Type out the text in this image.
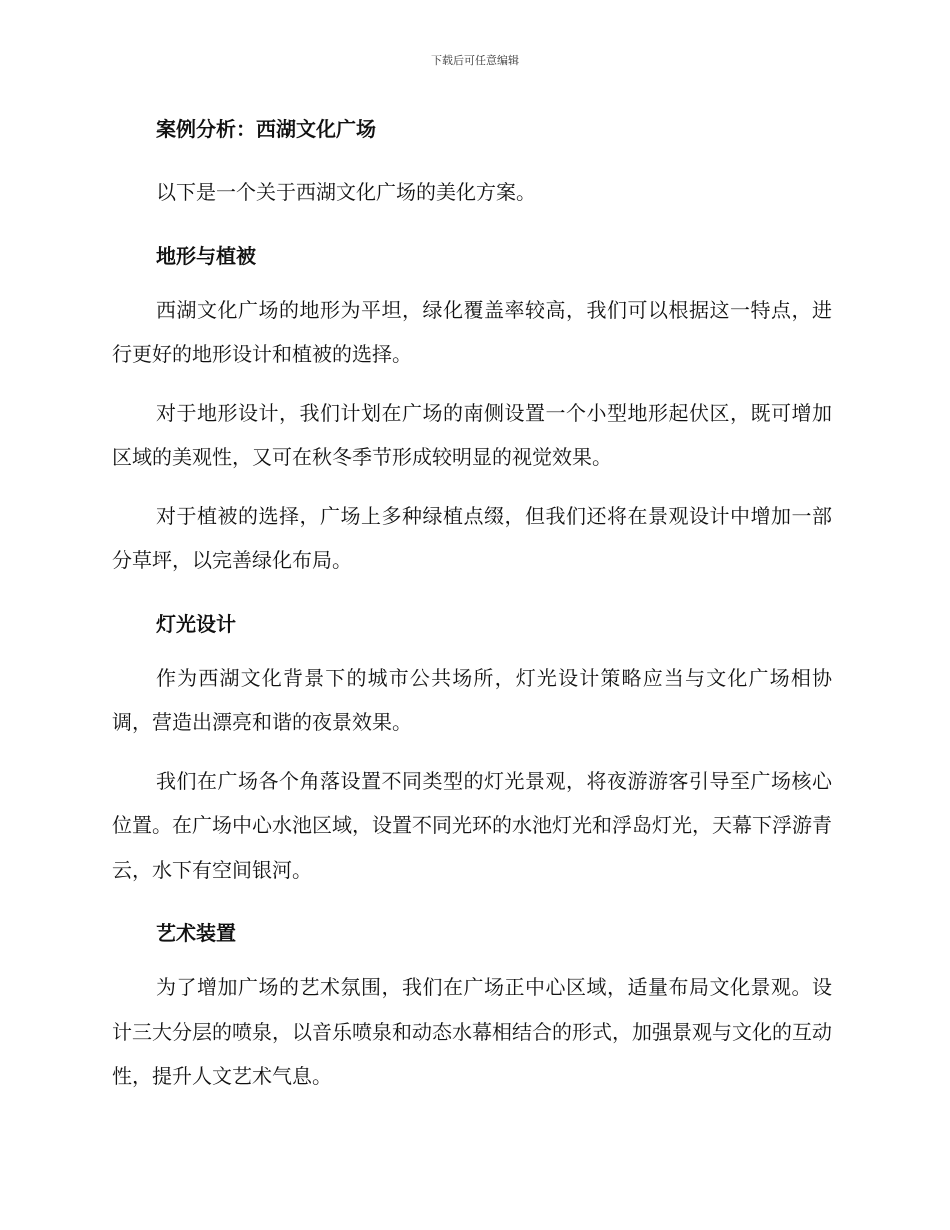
下载后可任意编辑
案例分析：西湖文化广场

以下是一个关于西湖文化广场的美化方案。

地形与植被

西湖文化广场的地形为平坦，绿化覆盖率较高，我们可以根据这一特点，进行更好的地形设计和植被的选择。

对于地形设计，我们计划在广场的南侧设置一个小型地形起伏区，既可增加区域的美观性，又可在秋冬季节形成较明显的视觉效果。

对于植被的选择，广场上多种绿植点缀，但我们还将在景观设计中增加一部分草坪，以完善绿化布局。

灯光设计

作为西湖文化背景下的城市公共场所，灯光设计策略应当与文化广场相协调，营造出漂亮和谐的夜景效果。

我们在广场各个角落设置不同类型的灯光景观，将夜游游客引导至广场核心位置。在广场中心水池区域，设置不同光环的水池灯光和浮岛灯光，天幕下浮游青云，水下有空间银河。

艺术装置

为了增加广场的艺术氛围，我们在广场正中心区域，适量布局文化景观。设计三大分层的喷泉，以音乐喷泉和动态水幕相结合的形式，加强景观与文化的互动性，提升人文艺术气息。
